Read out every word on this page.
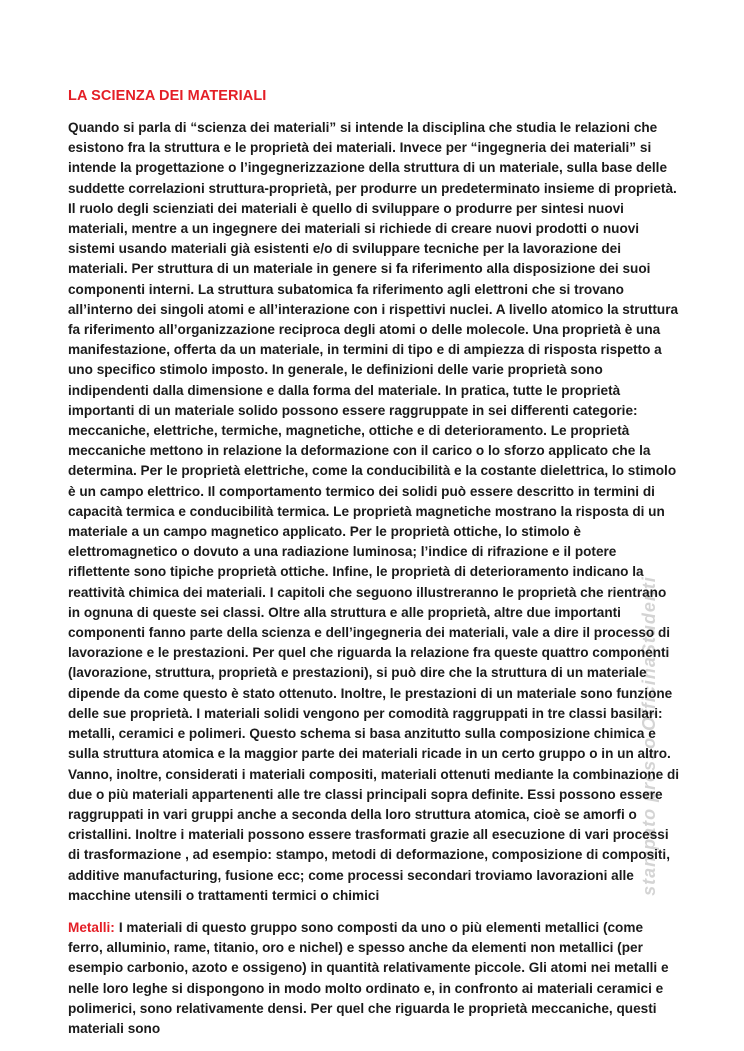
stampato presso OfficinaStudenti
LA SCIENZA DEI MATERIALI

Quando si parla di “scienza dei materiali” si intende la disciplina che studia le relazioni che esistono fra la struttura e le proprietà dei materiali. Invece per “ingegneria dei materiali” si intende la progettazione o l’ingegnerizzazione della struttura di un materiale, sulla base delle suddette correlazioni struttura-proprietà, per produrre un predeterminato insieme di proprietà. Il ruolo degli scienziati dei materiali è quello di sviluppare o produrre per sintesi nuovi materiali, mentre a un ingegnere dei materiali si richiede di creare nuovi prodotti o nuovi sistemi usando materiali già esistenti e/o di sviluppare tecniche per la lavorazione dei materiali. Per struttura di un materiale in genere si fa riferimento alla disposizione dei suoi componenti interni. La struttura subatomica fa riferimento agli elettroni che si trovano all’interno dei singoli atomi e all’interazione con i rispettivi nuclei. A livello atomico la struttura fa riferimento all’organizzazione reciproca degli atomi o delle molecole. Una proprietà è una manifestazione, offerta da un materiale, in termini di tipo e di ampiezza di risposta rispetto a uno specifico stimolo imposto. In generale, le definizioni delle varie proprietà sono indipendenti dalla dimensione e dalla forma del materiale. In pratica, tutte le proprietà importanti di un materiale solido possono essere raggruppate in sei differenti categorie: meccaniche, elettriche, termiche, magnetiche, ottiche e di deterioramento. Le proprietà meccaniche mettono in relazione la deformazione con il carico o lo sforzo applicato che la determina. Per le proprietà elettriche, come la conducibilità e la costante dielettrica, lo stimolo è un campo elettrico. Il comportamento termico dei solidi può essere descritto in termini di capacità termica e conducibilità termica. Le proprietà magnetiche mostrano la risposta di un materiale a un campo magnetico applicato. Per le proprietà ottiche, lo stimolo è elettromagnetico o dovuto a una radiazione luminosa; l’indice di rifrazione e il potere riflettente sono tipiche proprietà ottiche. Infine, le proprietà di deterioramento indicano la reattività chimica dei materiali. I capitoli che seguono illustreranno le proprietà che rientrano in ognuna di queste sei classi. Oltre alla struttura e alle proprietà, altre due importanti componenti fanno parte della scienza e dell’ingegneria dei materiali, vale a dire il processo di lavorazione e le prestazioni. Per quel che riguarda la relazione fra queste quattro componenti (lavorazione, struttura, proprietà e prestazioni), si può dire che la struttura di un materiale dipende da come questo è stato ottenuto. Inoltre, le prestazioni di un materiale sono funzione delle sue proprietà. I materiali solidi vengono per comodità raggruppati in tre classi basilari: metalli, ceramici e polimeri. Questo schema si basa anzitutto sulla composizione chimica e sulla struttura atomica e la maggior parte dei materiali ricade in un certo gruppo o in un altro. Vanno, inoltre, considerati i materiali compositi, materiali ottenuti mediante la combinazione di due o più materiali appartenenti alle tre classi principali sopra definite. Essi possono essere raggruppati in vari gruppi anche a seconda della loro struttura atomica, cioè se amorfi o cristallini. Inoltre i materiali possono essere trasformati grazie all esecuzione di vari processi di trasformazione , ad esempio: stampo, metodi di deformazione, composizione di compositi, additive manufacturing, fusione ecc; come processi secondari troviamo lavorazioni alle macchine utensili o trattamenti termici o chimici

Metalli: I materiali di questo gruppo sono composti da uno o più elementi metallici (come ferro, alluminio, rame, titanio, oro e nichel) e spesso anche da elementi non metallici (per esempio carbonio, azoto e ossigeno) in quantità relativamente piccole. Gli atomi nei metalli e nelle loro leghe si dispongono in modo molto ordinato e, in confronto ai materiali ceramici e polimerici, sono relativamente densi. Per quel che riguarda le proprietà meccaniche, questi materiali sono
